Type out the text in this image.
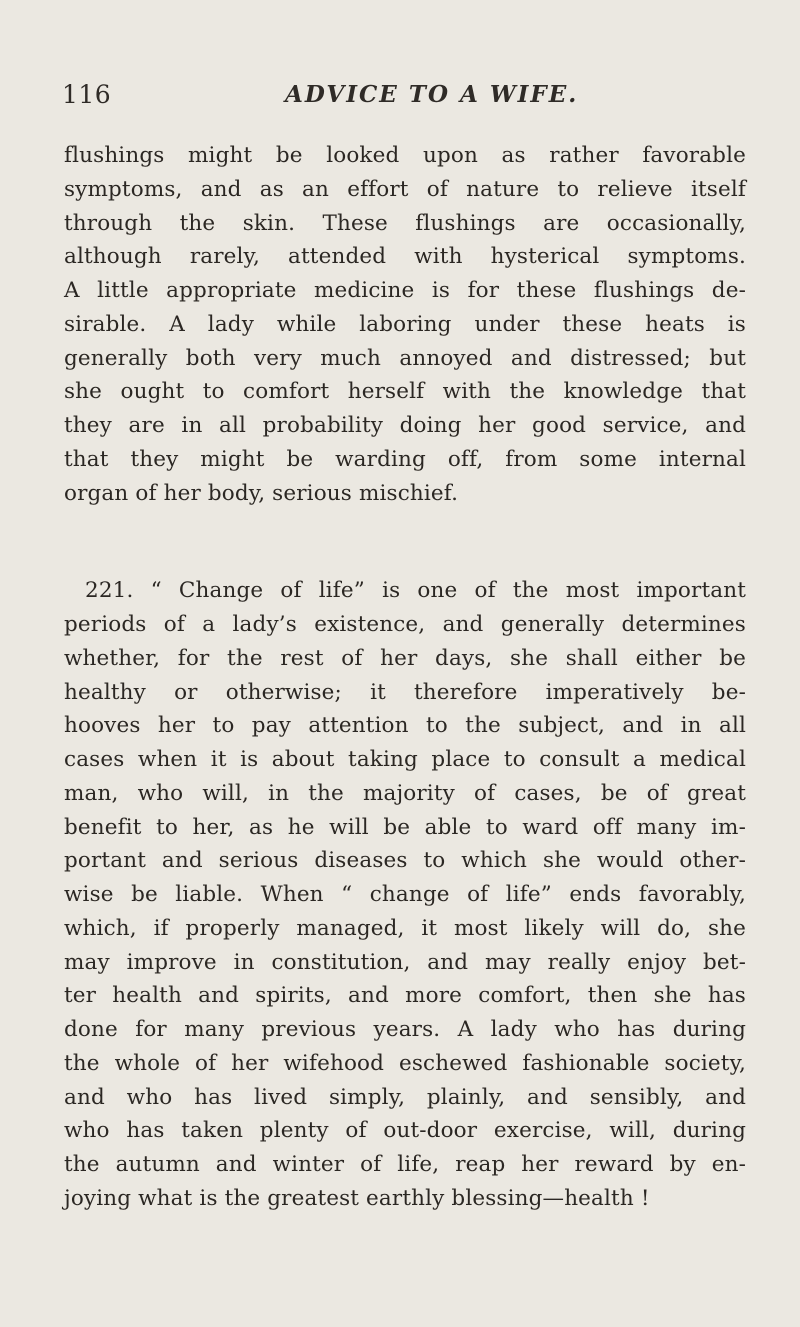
116	ADVICE TO A WIFE.
flushings might be looked upon as rather favorable
symptoms, and as an effort of nature to relieve itself
through the skin. These flushings are occasionally,
although rarely, attended with hysterical symptoms.
A little appropriate medicine is for these flushings de-
sirable. A lady while laboring under these heats is
generally both very much annoyed and distressed; but
she ought to comfort herself with the knowledge that
they are in all probability doing her good service, and
that they might be warding off, from some internal
organ of her body, serious mischief.
221. “ Change of life” is one of the most important
periods of a lady’s existence, and generally determines
whether, for the rest of her days, she shall either be
healthy or otherwise; it therefore imperatively be-
hooves her to pay attention to the subject, and in all
cases when it is about taking place to consult a medical
man, who will, in the majority of cases, be of great
benefit to her, as he will be able to ward off many im-
portant and serious diseases to which she would other-
wise be liable. When “ change of life” ends favorably,
which, if properly managed, it most likely will do, she
may improve in constitution, and may really enjoy bet-
ter health and spirits, and more comfort, then she has
done for many previous years. A lady who has during
the whole of her wifehood eschewed fashionable society,
and who has lived simply, plainly, and sensibly, and
who has taken plenty of out-door exercise, will, during
the autumn and winter of life, reap her reward by en-
joying what is the greatest earthly blessing—health !
